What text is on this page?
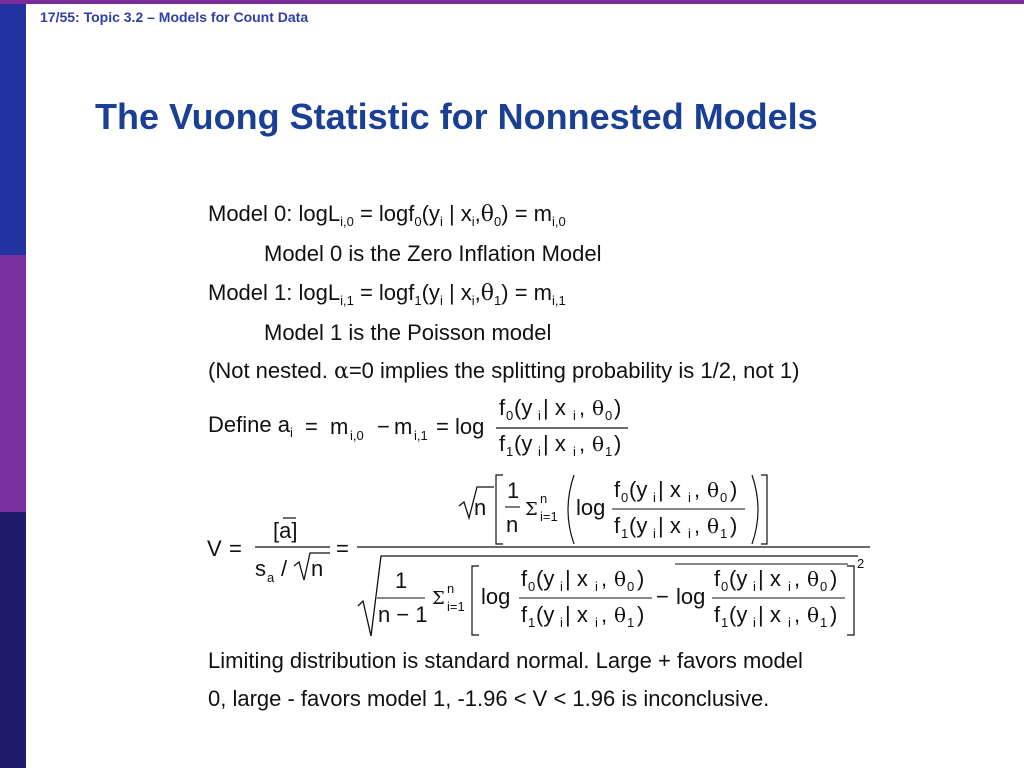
17/55: Topic 3.2 – Models for Count Data
The Vuong Statistic for Nonnested Models
Model 0: $\log L_{i,0} = \log f_0(y_i$ | $x_i,\theta_0) = m_{i,0}$
Model 0 is the Zero Inflation Model
Model 1: $\log L_{i,1} = \log f_1(y_i$ | $x_i,\theta_1) = m_{i,1}$
Model 1 is the Poisson model
(Not nested. α=0 implies the splitting probability is 1/2, not 1)
Define $a_i = m$ i,0 − m i,1 = log
f 0 (y i | x i , θ 0 )
f 1 (y i | x i , θ 1 )
V =
[a]
s a / n
=
n
1
n
Σ
n
i=1 log
f 0 (y i | x i , θ 0 )
f 1 (y i | x i , θ 1 )
1
n − 1
Σ n
i=1 log
f 0 (y i | x i , θ 0 )
f 1 (y i | x i , θ 1 )
− log
f 0 (y i | x i , θ 0 )
f 1 (y i | x i , θ 1 )
2
Limiting distribution is standard normal. Large + favors model
0, large - favors model 1, -1.96 < V < 1.96 is inconclusive.
